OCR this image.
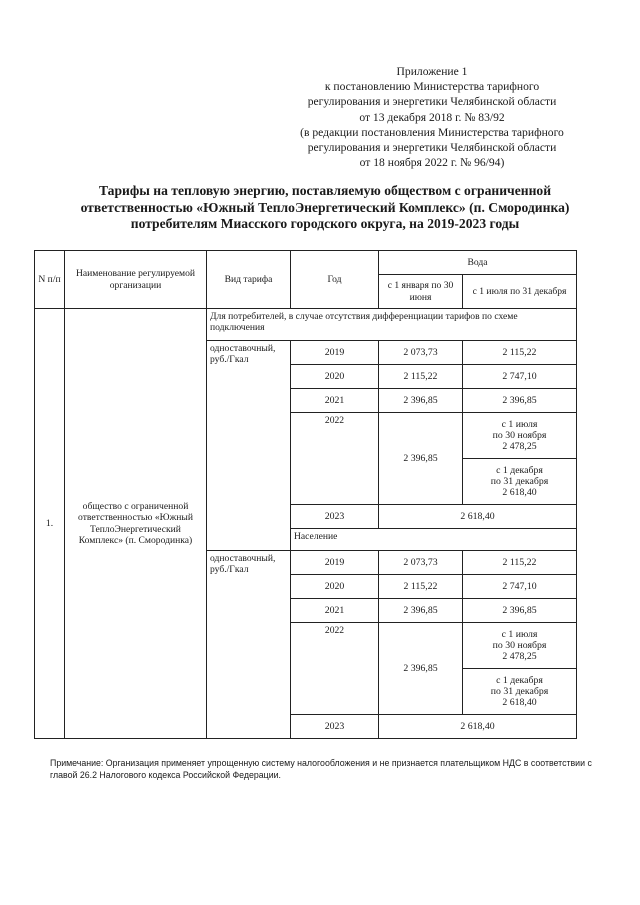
Приложение 1
к постановлению Министерства тарифного
регулирования и энергетики Челябинской области
от 13 декабря 2018 г. № 83/92
(в редакции постановления Министерства тарифного
регулирования и энергетики Челябинской области
от 18 ноября 2022 г. № 96/94)
Тарифы на тепловую энергию, поставляемую обществом с ограниченной
ответственностью «Южный ТеплоЭнергетический Комплекс» (п. Смородинка)
потребителям Миасского городского округа, на 2019-2023 годы
N п/п	Наименование регулируемой организации	Вид тарифа	Год	Вода	
				с 1 января по 30 июня	с 1 июля по 31 декабря
1.	общество с ограниченной ответственностью «Южный ТеплоЭнергетический Комплекс» (п. Смородинка)	Для потребителей, в случае отсутствия дифференциации тарифов по схеме подключения			
		одноставочный, руб./Гкал	2019	2 073,73	2 115,22
			2020	2 115,22	2 747,10
			2021	2 396,85	2 396,85
			2022	2 396,85	с 1 июля
по 30 ноября
2 478,25

					с 1 декабря
по 31 декабря
2 618,40

			2023	2 618,40	
			Население		
		одноставочный, руб./Гкал	2019	2 073,73	2 115,22
			2020	2 115,22	2 747,10
			2021	2 396,85	2 396,85
			2022	2 396,85	с 1 июля
по 30 ноября
2 478,25

					с 1 декабря
по 31 декабря
2 618,40

			2023	2 618,40	
Примечание: Организация применяет упрощенную систему налогообложения и не признается плательщиком НДС в соответствии с главой 26.2 Налогового кодекса Российской Федерации.
